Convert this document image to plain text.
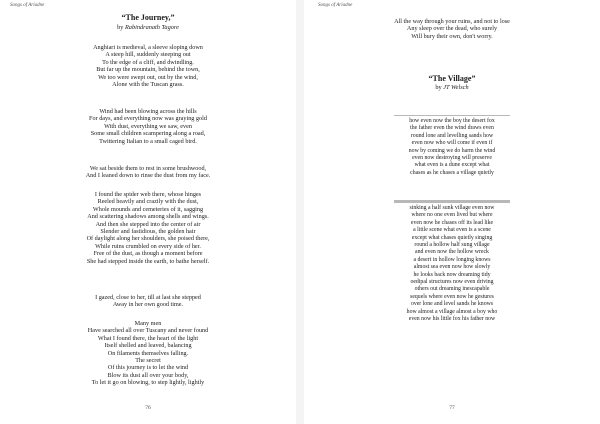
Songs of Ariadne
“The Journey,”
by Rabindranath Tagore
Anghiari is medieval, a sleeve sloping down
A steep hill, suddenly steeping out
To the edge of a cliff, and dwindling.
But far up the mountain, behind the town,
We too were swept out, out by the wind,
Alone with the Tuscan grass.
Wind had been blowing across the hills
For days, and everything now was graying gold
With dust, everything we saw, even
Some small children scampering along a road,
Twittering Italian to a small caged bird.
We sat beside them to rest in some brushwood,
And I leaned down to rinse the dust from my face.
I found the spider web there, whose hinges
Reeled heavily and crazily with the dust,
Whole mounds and cemeteries of it, sagging
And scattering shadows among shells and wings.
And then she stepped into the center of air
Slender and fastidious, the golden hair
Of daylight along her shoulders, she poised there,
While ruins crumbled on every side of her.
Free of the dust, as though a moment before
She had stepped inside the earth, to bathe herself.
I gazed, close to her, till at last she stepped
Away in her own good time.
Many men
Have searched all over Tuscany and never found
What I found there, the heart of the light
Itself shelled and leaved, balancing
On filaments themselves falling.
The secret
Of this journey is to let the wind
Blow its dust all over your body,
To let it go on blowing, to step lightly, lightly
76
Songs of Ariadne
All the way through your ruins, and not to lose
Any sleep over the dead, who surely
Will bury their own, don't worry.
“The Village”
by JT Welsch
how even now the boy the desert fox
the father even the wind draws even
round lone and levelling sands how
even now who will come if even if
now by coming we do harm the wind
even now destroying will preserve
what even is a dune except what
chases as he chases a village quietly
sinking a half sunk village even now
where no one even lived but where
even now he chases off its lead like
a little scene what even is a scene
except what chases quietly singing
round a hollow half sung village
and even now the hollow wreck
a desert in hollow longing knows
almost sea even now how slowly
he looks back now dreaming tidy
oedipal structures now even driving
others out dreaming inescapable
sequels where even now he gestures
over lone and level sands he knows
how almost a village almost a boy who
even now his little fox his father now
77
